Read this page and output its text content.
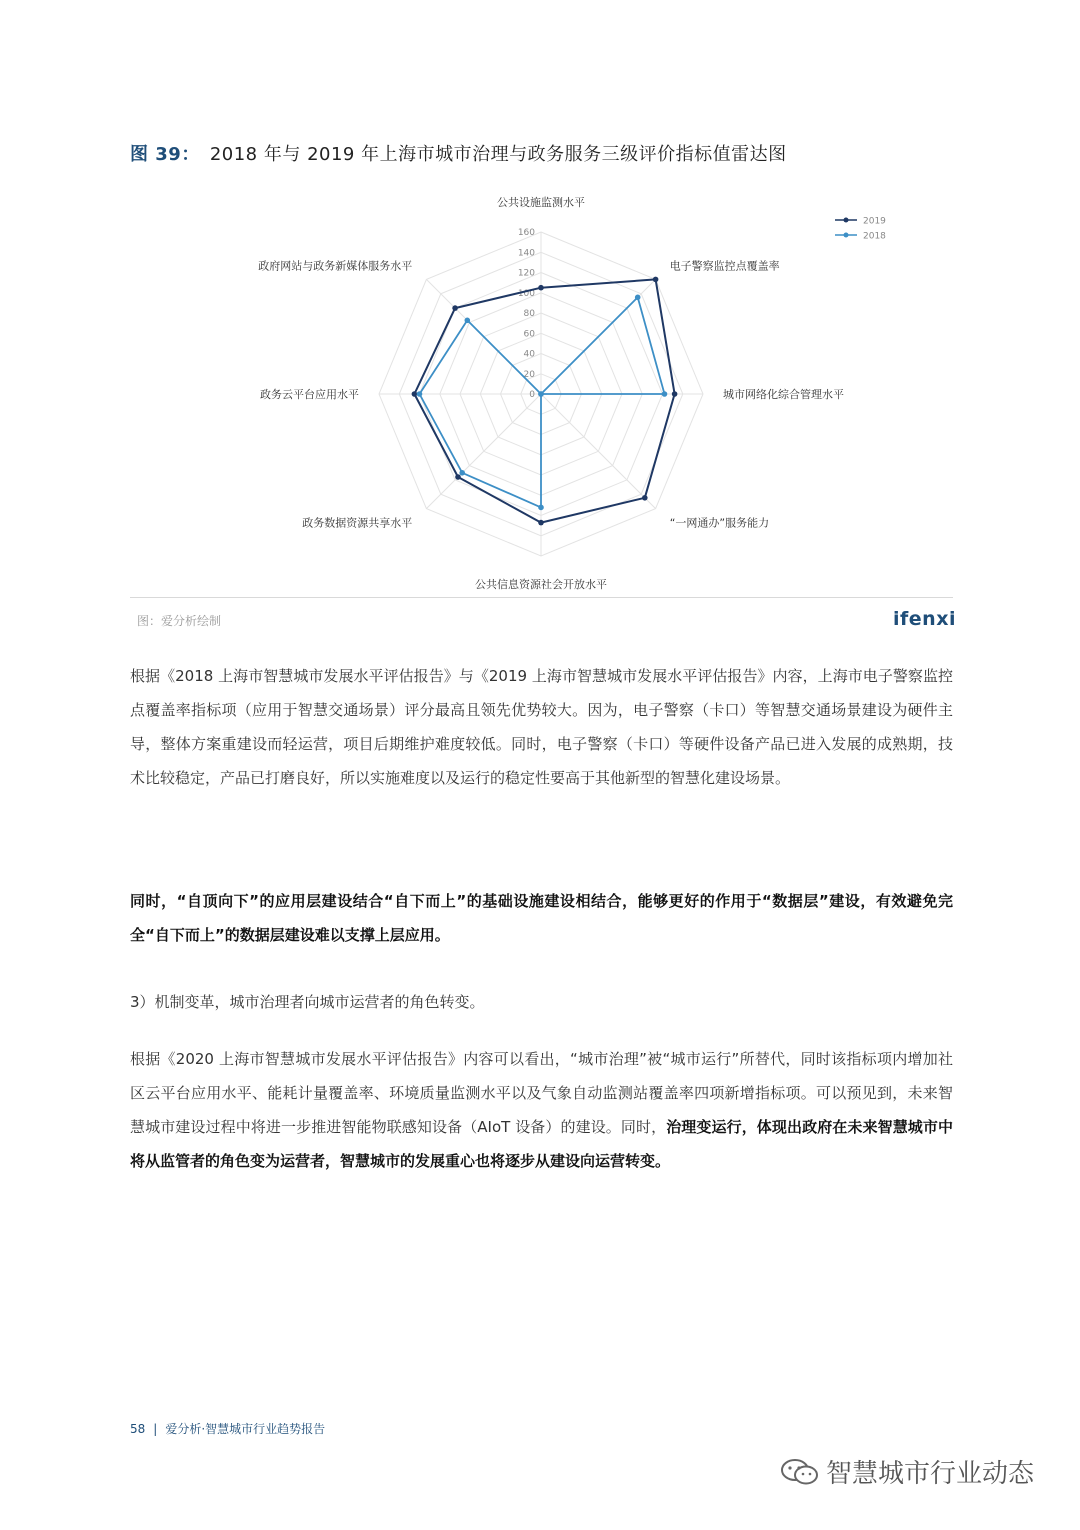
图 39： 2018 年与 2019 年上海市城市治理与政务服务三级评价指标值雷达图
0
20
40
60
80
100
120
140
160
公共设施监测水平
电子警察监控点覆盖率
城市网络化综合管理水平
“一网通办”服务能力
公共信息资源社会开放水平
政务数据资源共享水平
政务云平台应用水平
政府网站与政务新媒体服务水平
2019
2018
图：爱分析绘制	ifenxi

根据《2018 上海市智慧城市发展水平评估报告》与《2019 上海市智慧城市发展水平评估报告》内容，上海市电子警察监控点覆盖率指标项（应用于智慧交通场景）评分最高且领先优势较大。因为，电子警察（卡口）等智慧交通场景建设为硬件主导，整体方案重建设而轻运营，项目后期维护难度较低。同时，电子警察（卡口）等硬件设备产品已进入发展的成熟期，技术比较稳定，产品已打磨良好，所以实施难度以及运行的稳定性要高于其他新型的智慧化建设场景。

同时，“自顶向下”的应用层建设结合“自下而上”的基础设施建设相结合，能够更好的作用于“数据层”建设，有效避免完全“自下而上”的数据层建设难以支撑上层应用。

3）机制变革，城市治理者向城市运营者的角色转变。

根据《2020 上海市智慧城市发展水平评估报告》内容可以看出，“城市治理”被“城市运行”所替代，同时该指标项内增加社区云平台应用水平、能耗计量覆盖率、环境质量监测水平以及气象自动监测站覆盖率四项新增指标项。可以预见到，未来智慧城市建设过程中将进一步推进智能物联感知设备（AIoT 设备）的建设。同时，治理变运行，体现出政府在未来智慧城市中将从监管者的角色变为运营者，智慧城市的发展重心也将逐步从建设向运营转变。

58 | 爱分析·智慧城市行业趋势报告
智慧城市行业动态
